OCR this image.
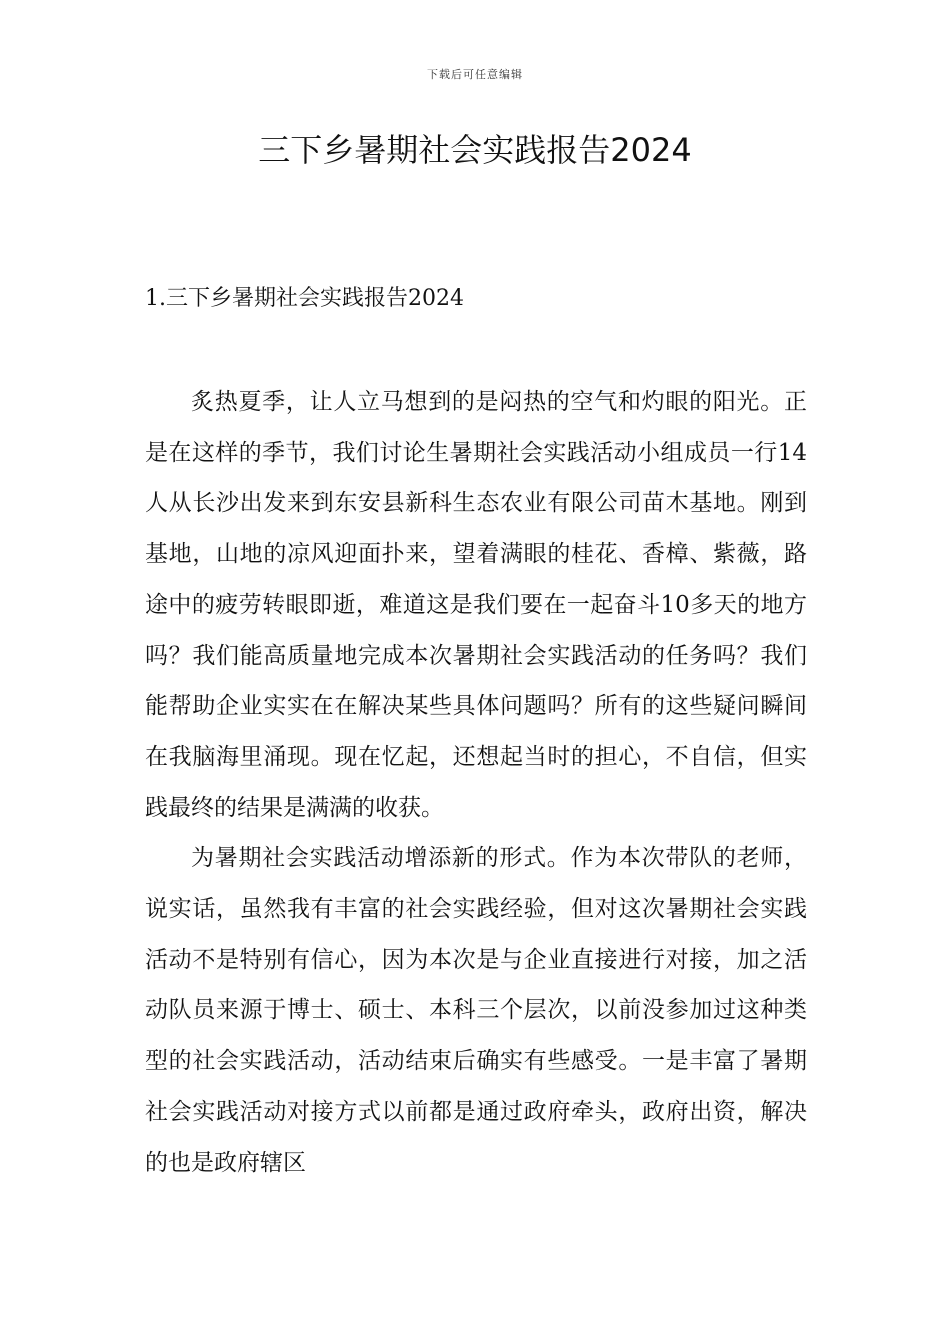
下载后可任意编辑
三下乡暑期社会实践报告2024
1.三下乡暑期社会实践报告2024

炙热夏季，让人立马想到的是闷热的空气和灼眼的阳光。正是在这样的季节，我们讨论生暑期社会实践活动小组成员一行14人从长沙出发来到东安县新科生态农业有限公司苗木基地。刚到基地，山地的凉风迎面扑来，望着满眼的桂花、香樟、紫薇，路途中的疲劳转眼即逝，难道这是我们要在一起奋斗10多天的地方吗？我们能高质量地完成本次暑期社会实践活动的任务吗？我们能帮助企业实实在在解决某些具体问题吗？所有的这些疑问瞬间在我脑海里涌现。现在忆起，还想起当时的担心，不自信，但实践最终的结果是满满的收获。

为暑期社会实践活动增添新的形式。作为本次带队的老师，说实话，虽然我有丰富的社会实践经验，但对这次暑期社会实践活动不是特别有信心，因为本次是与企业直接进行对接，加之活动队员来源于博士、硕士、本科三个层次，以前没参加过这种类型的社会实践活动，活动结束后确实有些感受。一是丰富了暑期社会实践活动对接方式以前都是通过政府牵头，政府出资，解决的也是政府辖区
